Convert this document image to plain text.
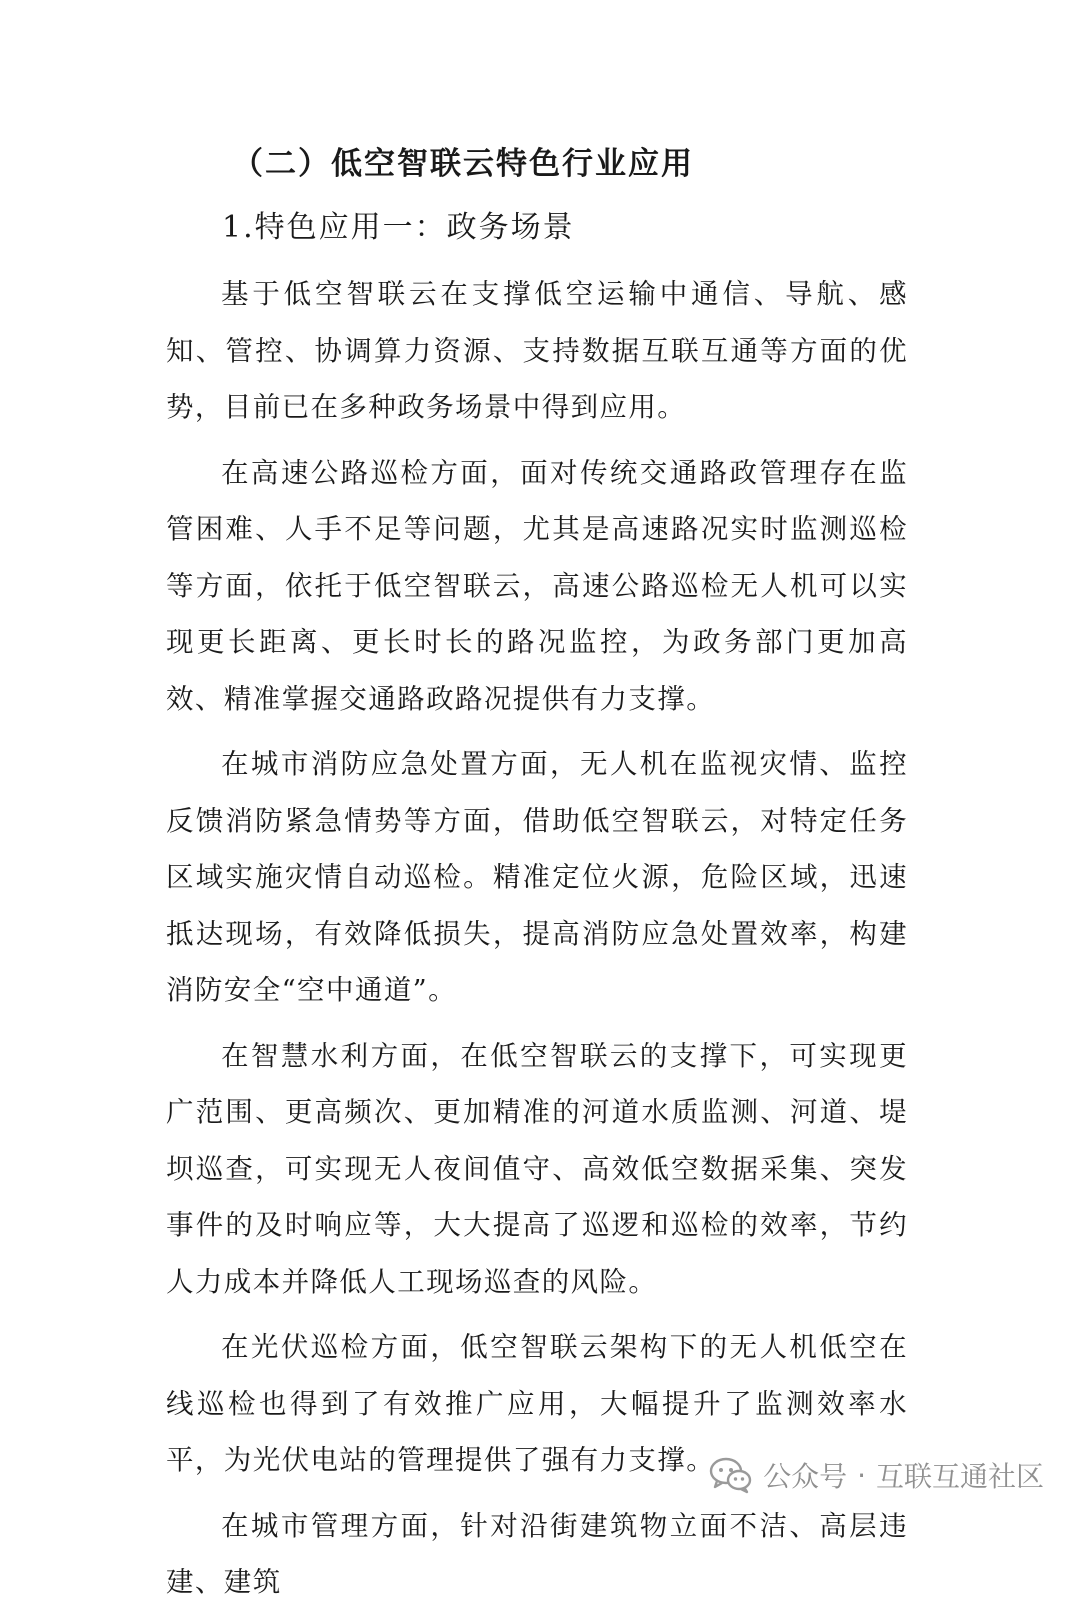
（二）低空智联云特色行业应用
1.特色应用一：政务场景

基于低空智联云在支撑低空运输中通信、导航、感知、管控、协调算力资源、支持数据互联互通等方面的优势，目前已在多种政务场景中得到应用。

在高速公路巡检方面，面对传统交通路政管理存在监管困难、人手不足等问题，尤其是高速路况实时监测巡检等方面，依托于低空智联云，高速公路巡检无人机可以实现更长距离、更长时长的路况监控，为政务部门更加高效、精准掌握交通路政路况提供有力支撑。

在城市消防应急处置方面，无人机在监视灾情、监控反馈消防紧急情势等方面，借助低空智联云，对特定任务区域实施灾情自动巡检。精准定位火源，危险区域，迅速抵达现场，有效降低损失，提高消防应急处置效率，构建消防安全“空中通道”。

在智慧水利方面，在低空智联云的支撑下，可实现更广范围、更高频次、更加精准的河道水质监测、河道、堤坝巡查，可实现无人夜间值守、高效低空数据采集、突发事件的及时响应等，大大提高了巡逻和巡检的效率，节约人力成本并降低人工现场巡查的风险。

在光伏巡检方面，低空智联云架构下的无人机低空在线巡检也得到了有效推广应用，大幅提升了监测效率水平，为光伏电站的管理提供了强有力支撑。

在城市管理方面，针对沿街建筑物立面不洁、高层违建、建筑

公众号 · 互联互通社区
